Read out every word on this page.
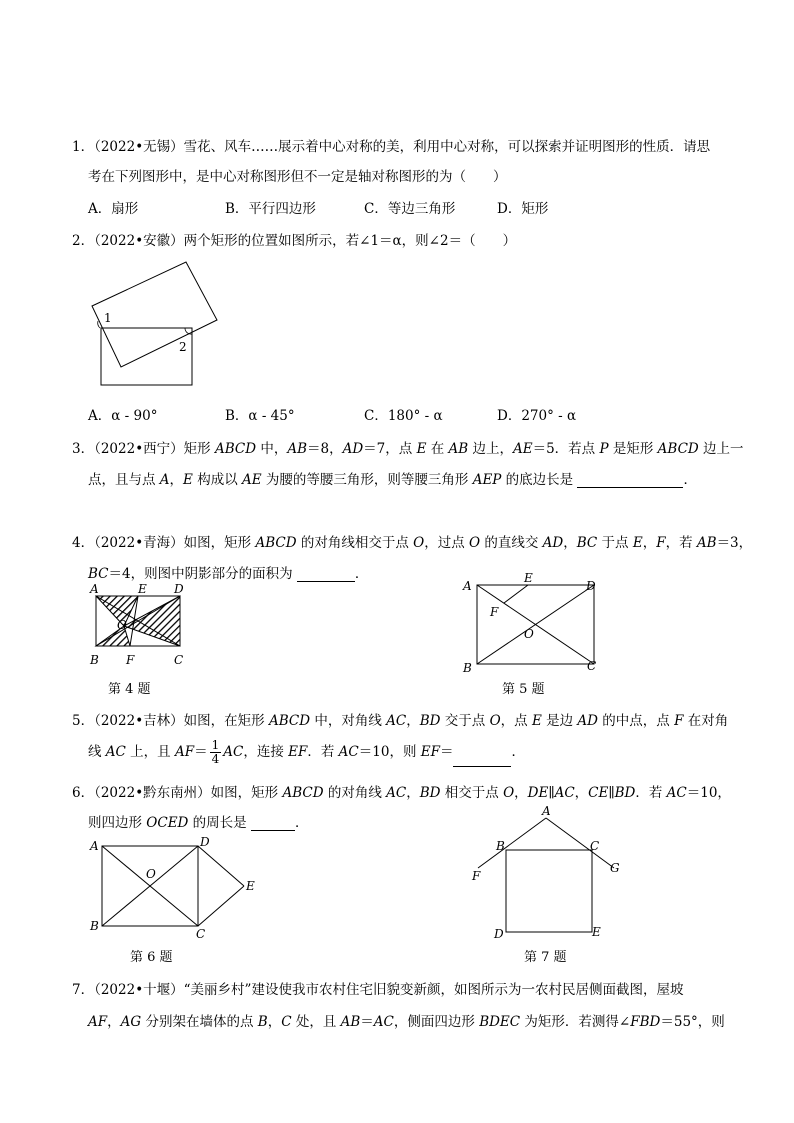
1．（2022•无锡）雪花、风车……展示着中心对称的美，利用中心对称，可以探索并证明图形的性质．请思
考在下列图形中，是中心对称图形但不一定是轴对称图形的为（　　）
A．扇形	B．平行四边形	C．等边三角形	D．矩形
2．（2022•安徽）两个矩形的位置如图所示，若∠1＝α，则∠2＝（　　）
1
2
A．α - 90°	B．α - 45°	C．180° - α	D．270° - α
3．（2022•西宁）矩形 ABCD 中，AB＝8，AD＝7，点 E 在 AB 边上，AE＝5．若点 P 是矩形 ABCD 边上一
点，且与点 A，E 构成以 AE 为腰的等腰三角形，则等腰三角形 AEP 的底边长是	．
4．（2022•青海）如图，矩形 ABCD 的对角线相交于点 O，过点 O 的直线交 AD，BC 于点 E，F，若 AB＝3，
BC＝4，则图中阴影部分的面积为	．
A	E D
O
B F	C
第 4 题
A
E
D
F
O
B	C
第 5 题
5．（2022•吉林）如图，在矩形 ABCD 中，对角线 AC，BD 交于点 O，点 E 是边 AD 的中点，点 F 在对角
线 AC 上，且 $AF= \frac{1}{4}$ AC，连接 EF．若 AC＝10，则 EF＝	．
6．（2022•黔东南州）如图，矩形 ABCD 的对角线 AC，BD 相交于点 O，DE∥AC，CE∥BD．若 AC＝10，
则四边形 OCED 的周长是	．
A	D
O
E
B
C
第 6 题
A
B	C
F
G
D	E
第 7 题
7．（2022•十堰）“美丽乡村”建设使我市农村住宅旧貌变新颜，如图所示为一农村民居侧面截图，屋坡
AF，AG 分别架在墙体的点 B，C 处，且 AB＝AC，侧面四边形 BDEC 为矩形．若测得∠FBD＝55°，则
